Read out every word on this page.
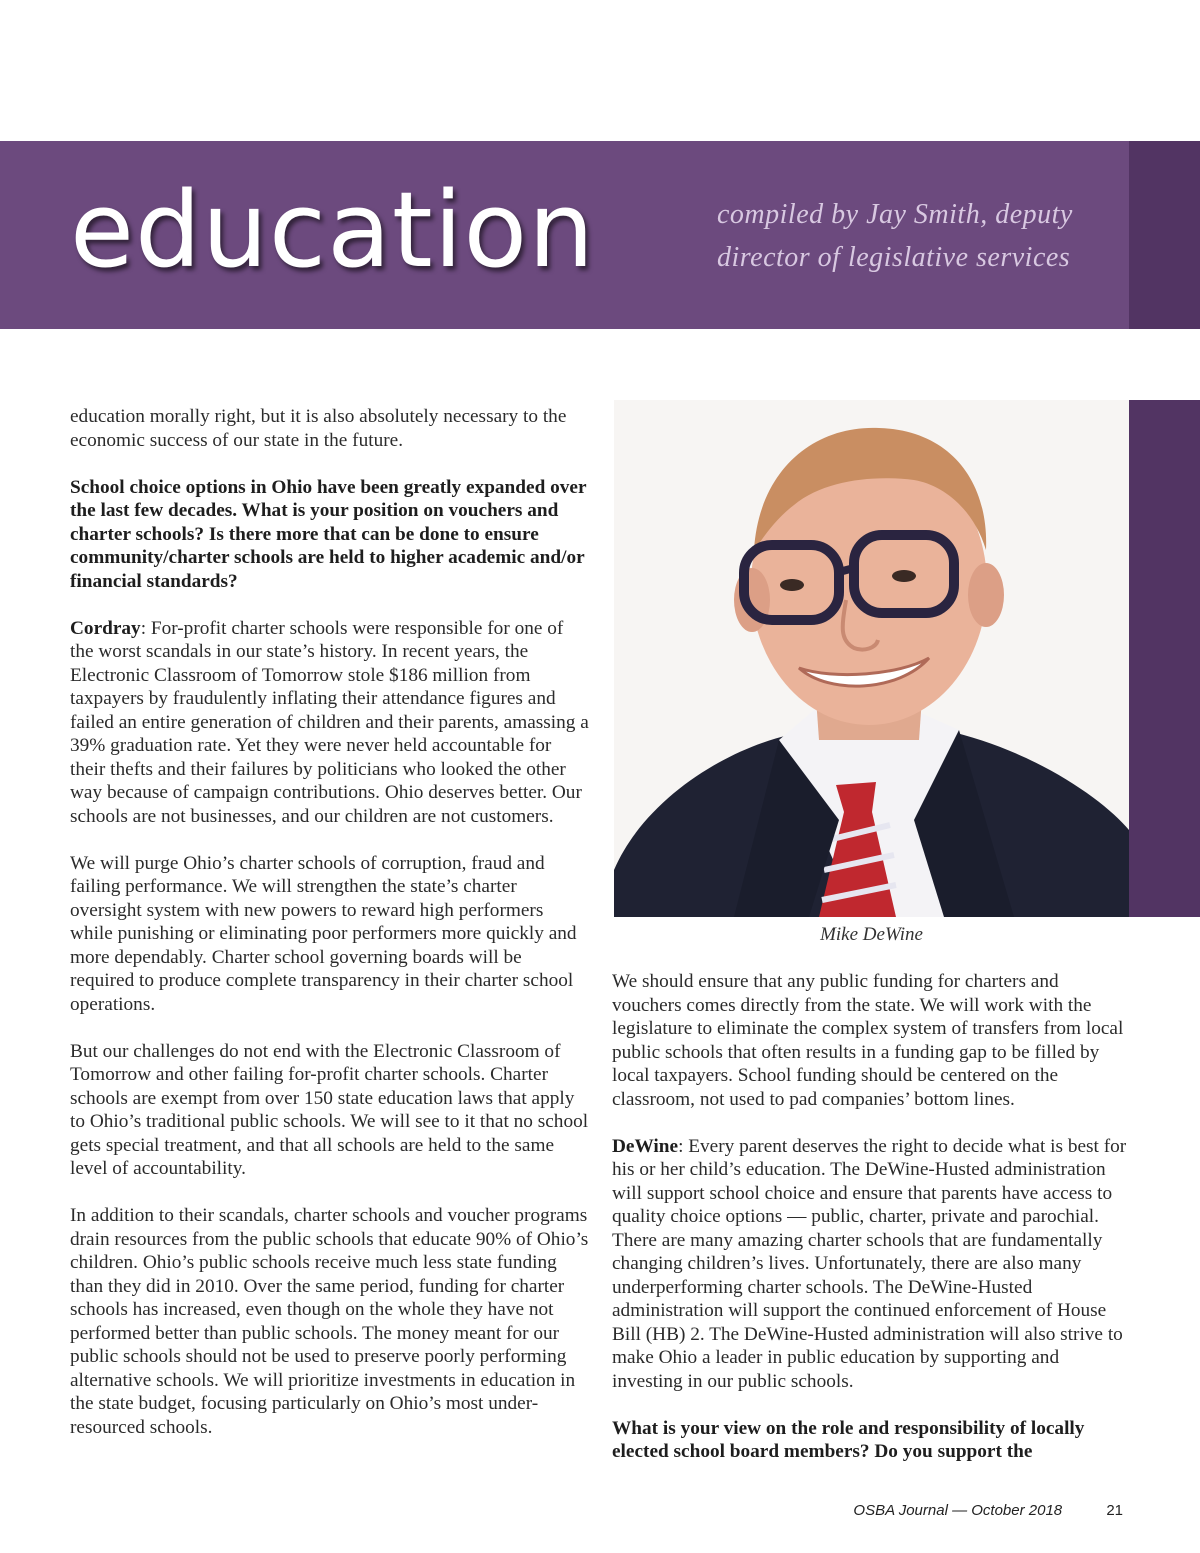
education	compiled by Jay Smith, deputy director of legislative services

education morally right, but it is also absolutely necessary to the economic success of our state in the future.

School choice options in Ohio have been greatly expanded over the last few decades. What is your position on vouchers and charter schools? Is there more that can be done to ensure community/charter schools are held to higher academic and/or financial standards?

Cordray: For-profit charter schools were responsible for one of the worst scandals in our state’s history. In recent years, the Electronic Classroom of Tomorrow stole $186 million from taxpayers by fraudulently inflating their attendance figures and failed an entire generation of children and their parents, amassing a 39% graduation rate. Yet they were never held accountable for their thefts and their failures by politicians who looked the other way because of campaign contributions. Ohio deserves better. Our schools are not businesses, and our children are not customers.

We will purge Ohio’s charter schools of corruption, fraud and failing performance. We will strengthen the state’s charter oversight system with new powers to reward high performers while punishing or eliminating poor performers more quickly and more dependably. Charter school governing boards will be required to produce complete transparency in their charter school operations.

But our challenges do not end with the Electronic Classroom of Tomorrow and other failing for-profit charter schools. Charter schools are exempt from over 150 state education laws that apply to Ohio’s traditional public schools. We will see to it that no school gets special treatment, and that all schools are held to the same level of accountability.

In addition to their scandals, charter schools and voucher programs drain resources from the public schools that educate 90% of Ohio’s children. Ohio’s public schools receive much less state funding than they did in 2010. Over the same period, funding for charter schools has increased, even though on the whole they have not performed better than public schools. The money meant for our public schools should not be used to preserve poorly performing alternative schools. We will prioritize investments in education in the state budget, focusing particularly on Ohio’s most under-resourced schools.

Mike DeWine

We should ensure that any public funding for charters and vouchers comes directly from the state. We will work with the legislature to eliminate the complex system of transfers from local public schools that often results in a funding gap to be filled by local taxpayers. School funding should be centered on the classroom, not used to pad companies’ bottom lines.

DeWine: Every parent deserves the right to decide what is best for his or her child’s education. The DeWine-Husted administration will support school choice and ensure that parents have access to quality choice options — public, charter, private and parochial. There are many amazing charter schools that are fundamentally changing children’s lives. Unfortunately, there are also many underperforming charter schools. The DeWine-Husted administration will support the continued enforcement of House Bill (HB) 2. The DeWine-Husted administration will also strive to make Ohio a leader in public education by supporting and investing in our public schools.

What is your view on the role and responsibility of locally elected school board members? Do you support the

OSBA Journal — October 2018	21
